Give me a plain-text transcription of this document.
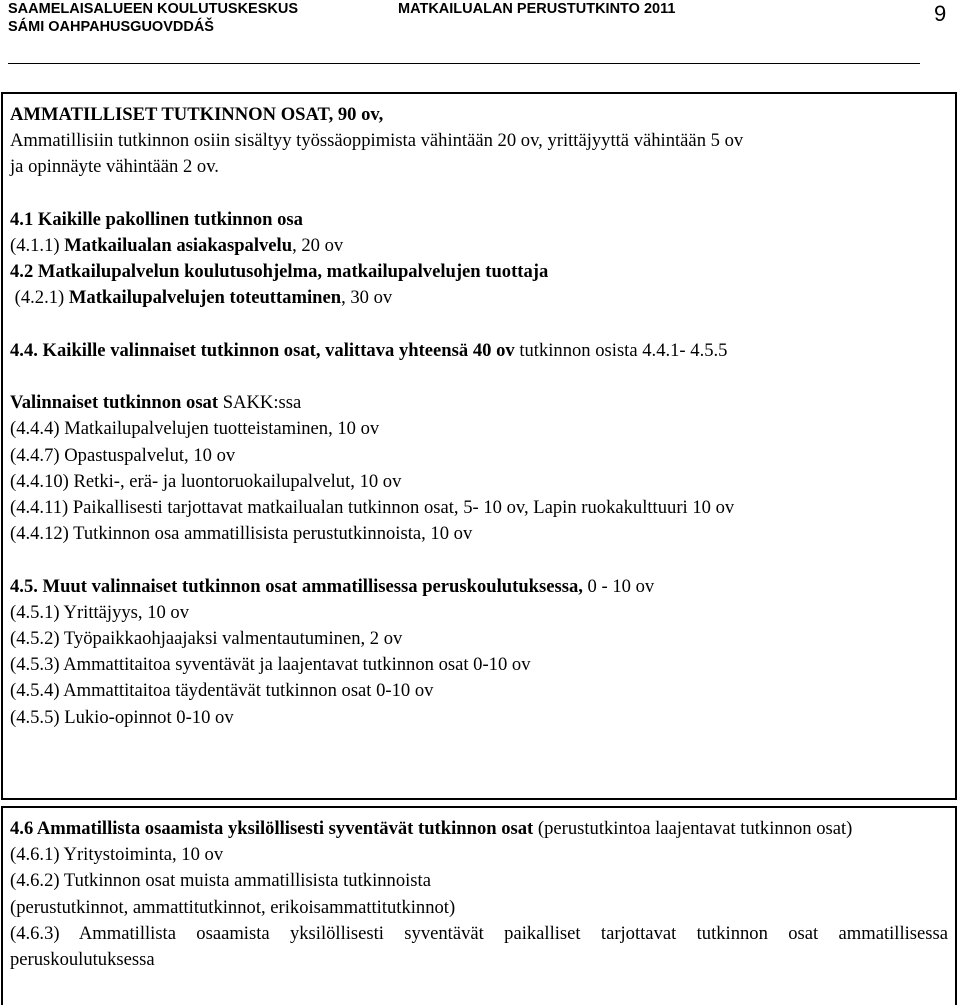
SAAMELAISALUEEN KOULUTUSKESKUS
SÁMI OAHPAHUSGUOVDDÁŠ
MATKAILUALAN PERUSTUTKINTO 2011	9
AMMATILLISET TUTKINNON OSAT, 90 ov,
Ammatillisiin tutkinnon osiin sisältyy työssäoppimista vähintään 20 ov, yrittäjyyttä vähintään 5 ov
ja opinnäyte vähintään 2 ov.
4.1 Kaikille pakollinen tutkinnon osa
(4.1.1) Matkailualan asiakaspalvelu, 20 ov
4.2 Matkailupalvelun koulutusohjelma, matkailupalvelujen tuottaja
(4.2.1) Matkailupalvelujen toteuttaminen, 30 ov
4.4. Kaikille valinnaiset tutkinnon osat, valittava yhteensä 40 ov tutkinnon osista 4.4.1- 4.5.5
Valinnaiset tutkinnon osat SAKK:ssa
(4.4.4) Matkailupalvelujen tuotteistaminen, 10 ov
(4.4.7) Opastuspalvelut, 10 ov
(4.4.10) Retki-, erä- ja luontoruokailupalvelut, 10 ov
(4.4.11) Paikallisesti tarjottavat matkailualan tutkinnon osat, 5- 10 ov, Lapin ruokakulttuuri 10 ov
(4.4.12) Tutkinnon osa ammatillisista perustutkinnoista, 10 ov
4.5. Muut valinnaiset tutkinnon osat ammatillisessa peruskoulutuksessa, 0 - 10 ov
(4.5.1) Yrittäjyys, 10 ov
(4.5.2) Työpaikkaohjaajaksi valmentautuminen, 2 ov
(4.5.3) Ammattitaitoa syventävät ja laajentavat tutkinnon osat 0-10 ov
(4.5.4) Ammattitaitoa täydentävät tutkinnon osat 0-10 ov
(4.5.5) Lukio-opinnot 0-10 ov
4.6 Ammatillista osaamista yksilöllisesti syventävät tutkinnon osat (perustutkintoa laajentavat tutkinnon osat)
(4.6.1) Yritystoiminta, 10 ov
(4.6.2) Tutkinnon osat muista ammatillisista tutkinnoista
(perustutkinnot, ammattitutkinnot, erikoisammattitutkinnot)
(4.6.3) Ammatillista osaamista yksilöllisesti syventävät paikalliset tarjottavat tutkinnon osat ammatillisessa peruskoulutuksessa
